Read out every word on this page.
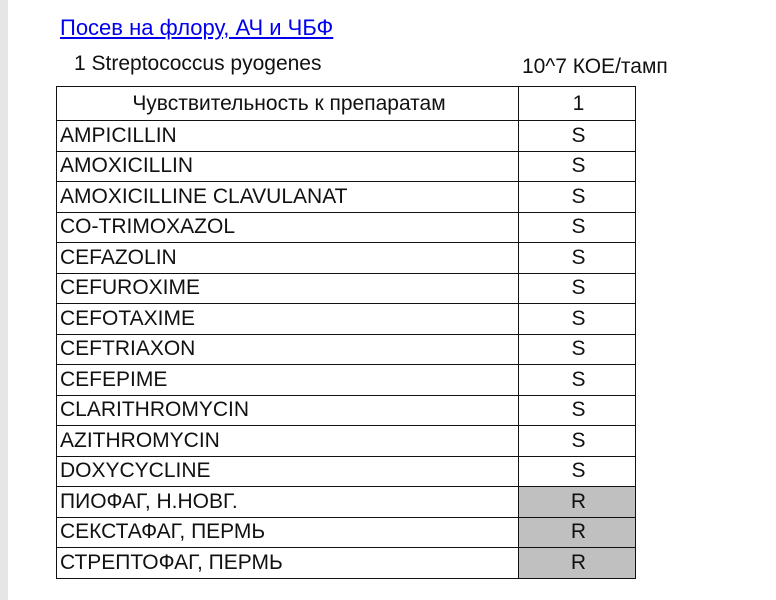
Посев на флору, АЧ и ЧБФ
1 Streptococcus pyogenes	10^7 КОЕ/тамп
Чувствительность к препаратам	1
AMPICILLIN	S
AMOXICILLIN	S
AMOXICILLINE CLAVULANAT	S
CO-TRIMOXAZOL	S
CEFAZOLIN	S
CEFUROXIME	S
CEFOTAXIME	S
CEFTRIAXON	S
CEFEPIME	S
CLARITHROMYCIN	S
AZITHROMYCIN	S
DOXYCYCLINE	S
ПИОФАГ, Н.НОВГ.	R
СЕКСТАФАГ, ПЕРМЬ	R
СТРЕПТОФАГ, ПЕРМЬ	R
